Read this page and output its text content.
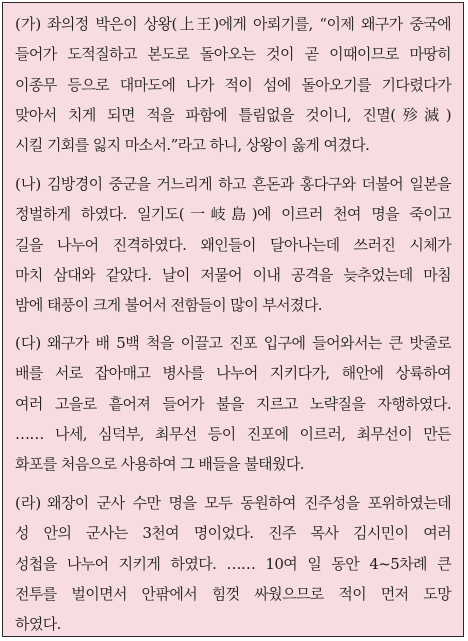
(가) 좌의정 박은이 상왕(上王)에게 아뢰기를, “이제 왜구가 중국에
들어가 도적질하고 본도로 돌아오는 것이 곧 이때이므로 마땅히
이종무 등으로 대마도에 나가 적이 섬에 돌아오기를 기다렸다가
맞아서 치게 되면 적을 파함에 틀림없을 것이니, 진멸(殄滅)
시킬 기회를 잃지 마소서.”라고 하니, 상왕이 옳게 여겼다.
(나) 김방경이 중군을 거느리게 하고 흔돈과 홍다구와 더불어 일본을
정벌하게 하였다. 일기도(一岐島)에 이르러 천여 명을 죽이고
길을 나누어 진격하였다. 왜인들이 달아나는데 쓰러진 시체가
마치 삼대와 같았다. 날이 저물어 이내 공격을 늦추었는데 마침
밤에 태풍이 크게 불어서 전함들이 많이 부서졌다.
(다) 왜구가 배 5백 척을 이끌고 진포 입구에 들어와서는 큰 밧줄로
배를 서로 잡아매고 병사를 나누어 지키다가, 해안에 상륙하여
여러 고을로 흩어져 들어가 불을 지르고 노략질을 자행하였다.
…… 나세, 심덕부, 최무선 등이 진포에 이르러, 최무선이 만든
화포를 처음으로 사용하여 그 배들을 불태웠다.
(라) 왜장이 군사 수만 명을 모두 동원하여 진주성을 포위하였는데
성 안의 군사는 3천여 명이었다. 진주 목사 김시민이 여러
성첩을 나누어 지키게 하였다. …… 10여 일 동안 4~5차례 큰
전투를 벌이면서 안팎에서 힘껏 싸웠으므로 적이 먼저 도망
하였다.
